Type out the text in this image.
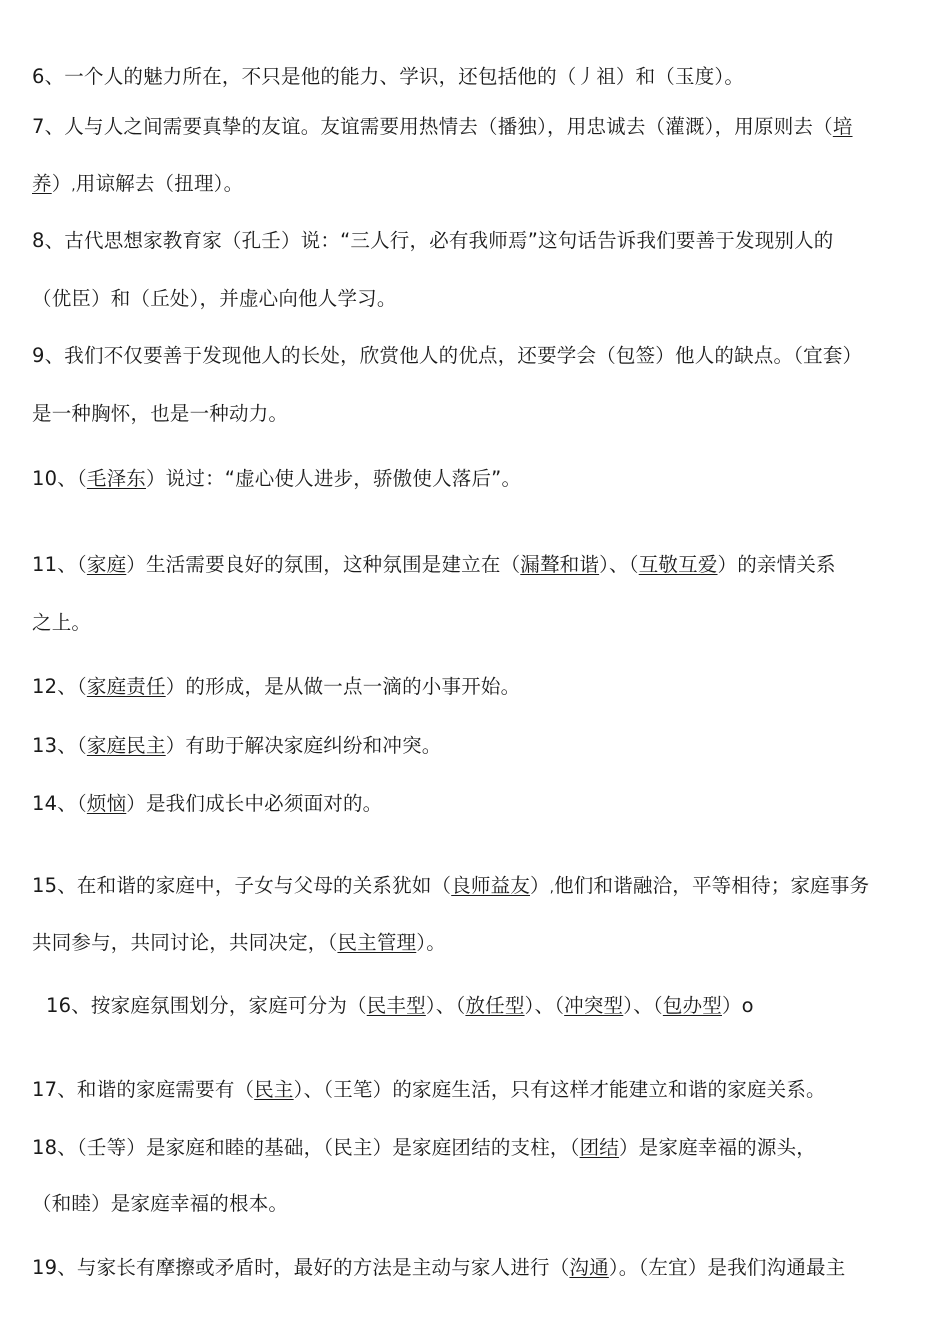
6、一个人的魅力所在，不只是他的能力、学识，还包括他的（丿祖）和（玉度）。
7、人与人之间需要真挚的友谊。友谊需要用热情去（播独），用忠诚去（灌溉），用原则去（培
养）,用谅解去（扭理）。
8、古代思想家教育家（孔壬）说：“三人行，必有我师焉”这句话告诉我们要善于发现别人的
（优臣）和（丘处），并虚心向他人学习。
9、我们不仅要善于发现他人的长处，欣赏他人的优点，还要学会（包签）他人的缺点。（宜套）
是一种胸怀，也是一种动力。
10、（毛泽东）说过：“虚心使人进步，骄傲使人落后”。
11、（家庭）生活需要良好的氛围，这种氛围是建立在（漏聱和谐）、（互敬互爱）的亲情关系
之上。
12、（家庭责任）的形成，是从做一点一滴的小事开始。
13、（家庭民主）有助于解决家庭纠纷和冲突。
14、（烦恼）是我们成长中必须面对的。
15、在和谐的家庭中，子女与父母的关系犹如（良师益友）,他们和谐融洽，平等相待；家庭事务
共同参与，共同讨论，共同决定，（民主管理）。
16、按家庭氛围划分，家庭可分为（民丰型）、（放任型）、（冲突型）、（包办型）o
17、和谐的家庭需要有（民主）、（王笔）的家庭生活，只有这样才能建立和谐的家庭关系。
18、（壬等）是家庭和睦的基础，（民主）是家庭团结的支柱，（团结）是家庭幸福的源头，
（和睦）是家庭幸福的根本。
19、与家长有摩擦或矛盾时，最好的方法是主动与家人进行（沟通）。（左宜）是我们沟通最主
